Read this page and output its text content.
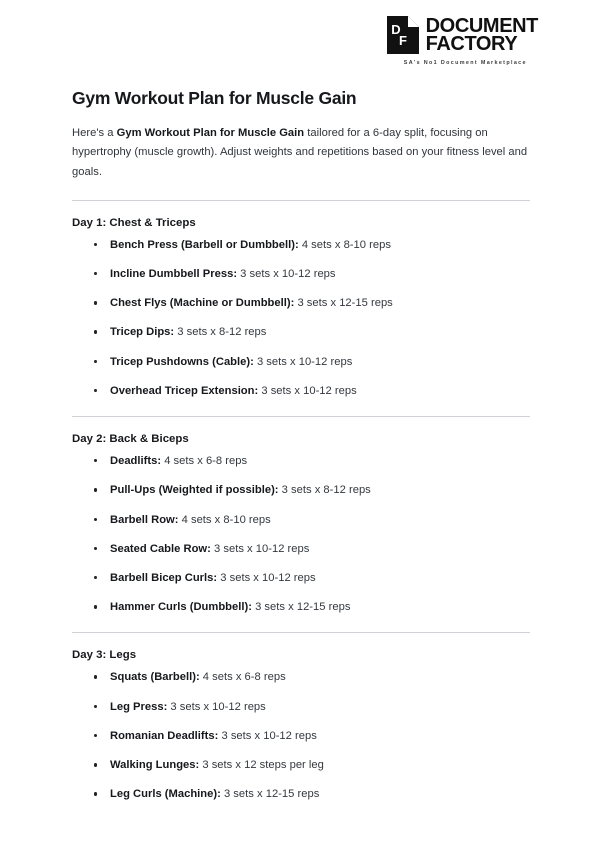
D
F
DOCUMENT
FACTORY
SA's No1 Document Marketplace
Gym Workout Plan for Muscle Gain

Here's a Gym Workout Plan for Muscle Gain tailored for a 6-day split, focusing on hypertrophy (muscle growth). Adjust weights and repetitions based on your fitness level and goals.

Day 1: Chest & Triceps
Bench Press (Barbell or Dumbbell): 4 sets x 8-10 reps
Incline Dumbbell Press: 3 sets x 10-12 reps
Chest Flys (Machine or Dumbbell): 3 sets x 12-15 reps
Tricep Dips: 3 sets x 8-12 reps
Tricep Pushdowns (Cable): 3 sets x 10-12 reps
Overhead Tricep Extension: 3 sets x 10-12 reps
Day 2: Back & Biceps
Deadlifts: 4 sets x 6-8 reps
Pull-Ups (Weighted if possible): 3 sets x 8-12 reps
Barbell Row: 4 sets x 8-10 reps
Seated Cable Row: 3 sets x 10-12 reps
Barbell Bicep Curls: 3 sets x 10-12 reps
Hammer Curls (Dumbbell): 3 sets x 12-15 reps
Day 3: Legs
Squats (Barbell): 4 sets x 6-8 reps
Leg Press: 3 sets x 10-12 reps
Romanian Deadlifts: 3 sets x 10-12 reps
Walking Lunges: 3 sets x 12 steps per leg
Leg Curls (Machine): 3 sets x 12-15 reps
